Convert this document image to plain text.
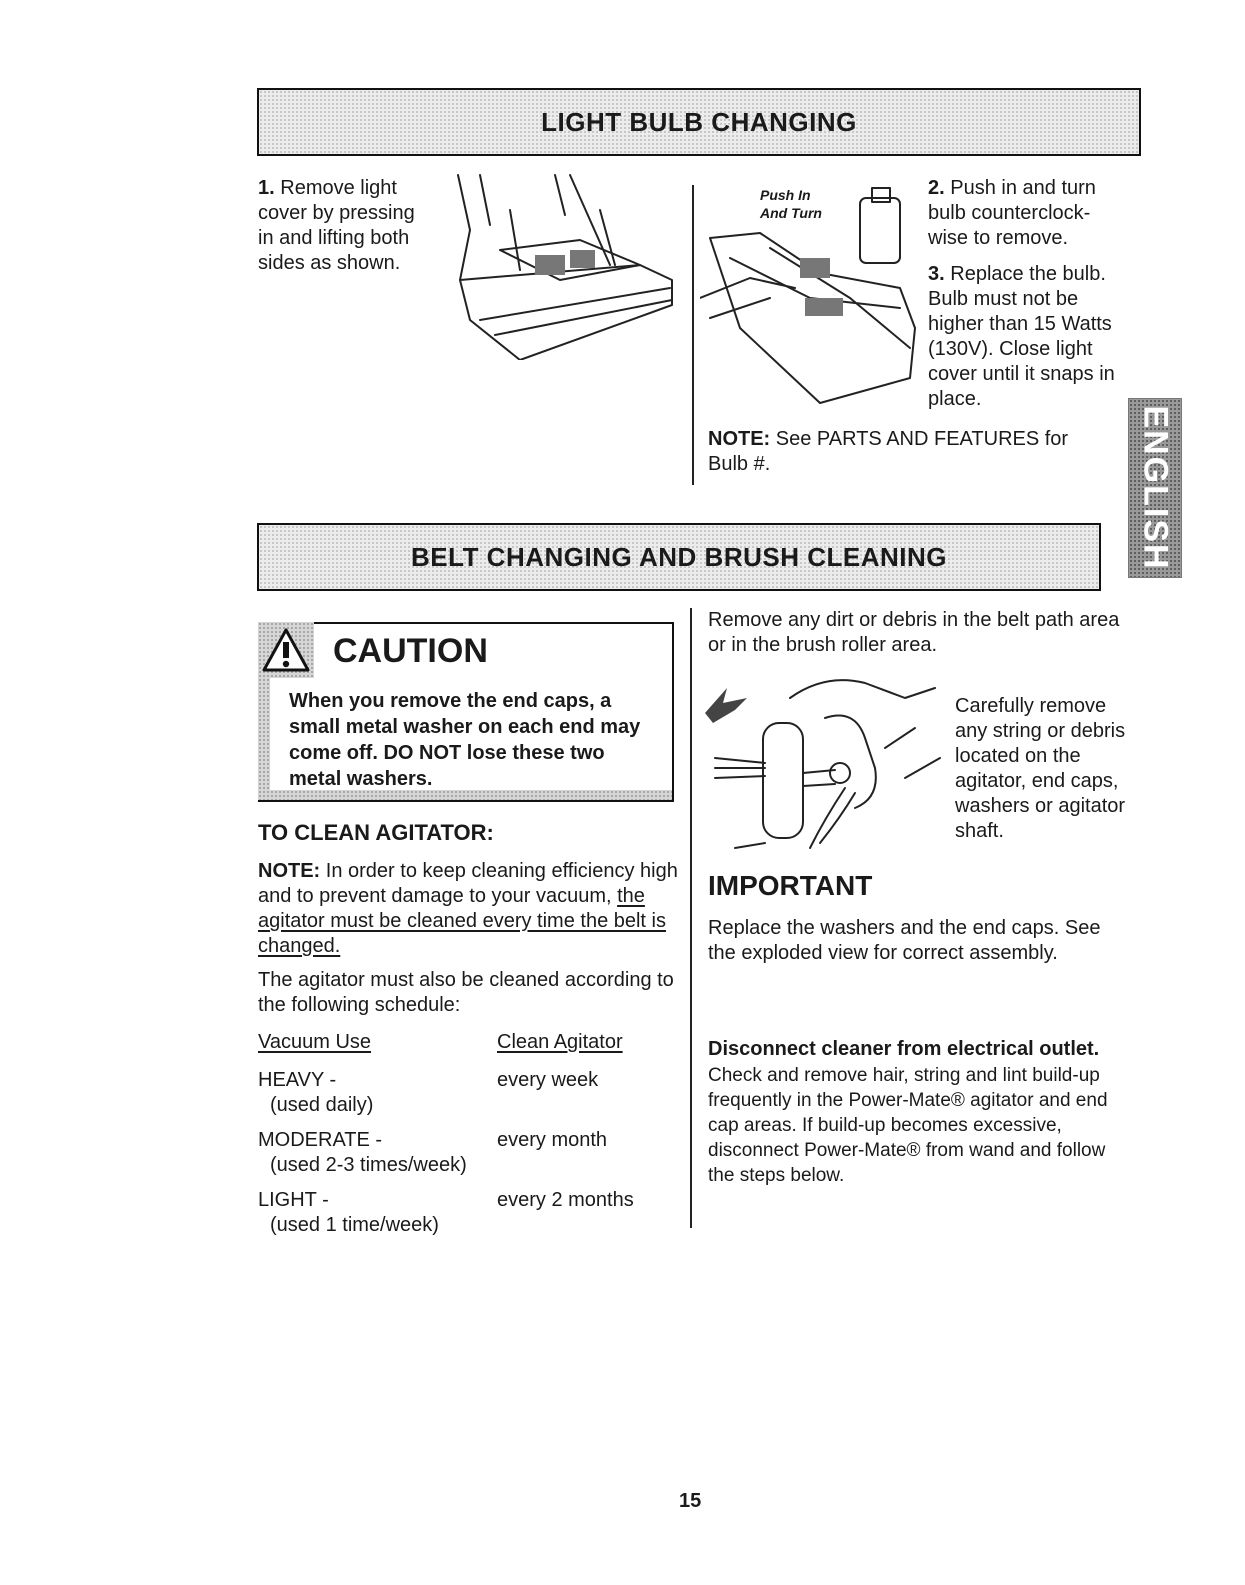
LIGHT BULB CHANGING
1. Remove light cover by pressing in and lifting both sides as shown.
Push In
And Turn
2. Push in and turn bulb counterclock-wise to remove.
3. Replace the bulb. Bulb must not be higher than 15 Watts (130V). Close light cover until it snaps in place.
NOTE: See PARTS AND FEATURES for Bulb #.	ENGLISH
BELT CHANGING AND BRUSH CLEANING
CAUTION
When you remove the end caps, a small metal washer on each end may come off. DO NOT lose these two metal washers.
TO CLEAN AGITATOR:
NOTE: In order to keep cleaning efficiency high and to prevent damage to your vacuum, the agitator must be cleaned every time the belt is changed.
The agitator must also be cleaned according to the following schedule:
Vacuum Use	Clean Agitator
HEAVY -
(used daily)
every week
MODERATE -
(used 2-3 times/week)
every month
LIGHT -
(used 1 time/week)
every 2 months
Remove any dirt or debris in the belt path area or in the brush roller area.
Carefully remove any string or debris located on the agitator, end caps, washers or agitator shaft.
IMPORTANT
Replace the washers and the end caps. See the exploded view for correct assembly.
Disconnect cleaner from electrical outlet.
Check and remove hair, string and lint build-up frequently in the Power-Mate® agitator and end cap areas. If build-up becomes excessive, disconnect Power-Mate® from wand and follow the steps below.
15
